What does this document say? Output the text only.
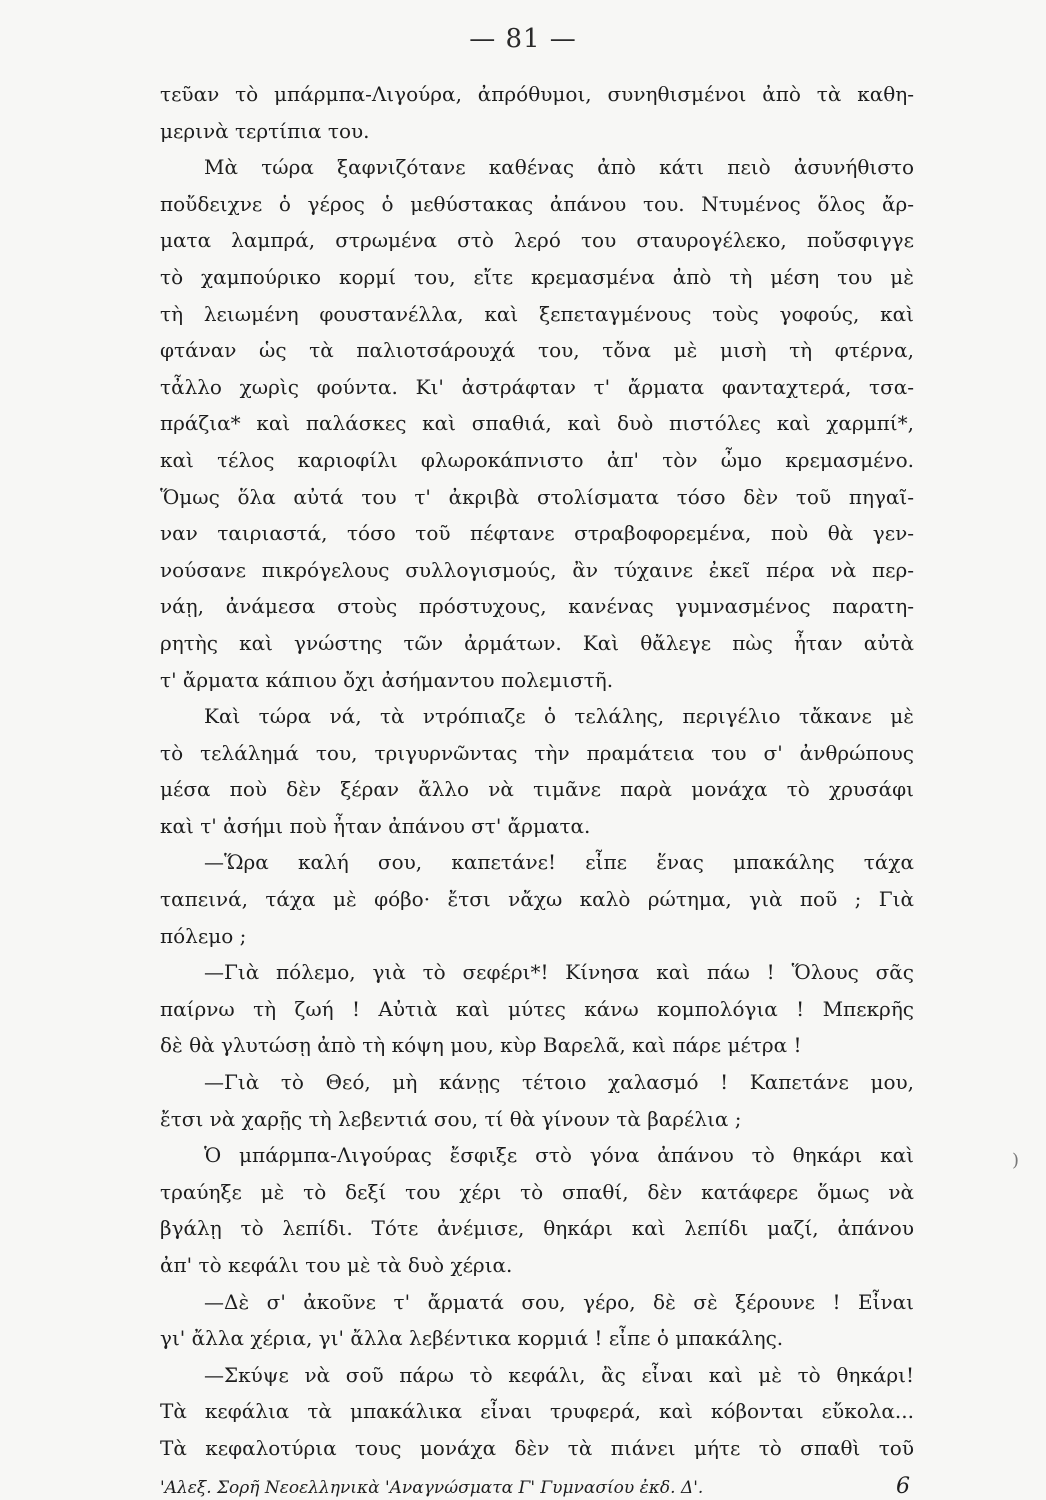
— 81 —
τεῦαν τὸ μπάρμπα-Λιγούρα, ἀπρόθυμοι, συνηθισμένοι ἀπὸ τὰ καθη-
μερινὰ τερτίπια του.
Μὰ τώρα ξαφνιζότανε καθένας ἀπὸ κάτι πειὸ ἀσυνήθιστο
ποὔδειχνε ὁ γέρος ὁ μεθύστακας ἀπάνου του. Ντυμένος ὅλος ἄρ-
ματα λαμπρά, στρωμένα στὸ λερό του σταυρογέλεκο, ποὔσφιγγε
τὸ χαμπούρικο κορμί του, εἴτε κρεμασμένα ἀπὸ τὴ μέση του μὲ
τὴ λειωμένη φουστανέλλα, καὶ ξεπεταγμένους τοὺς γοφούς, καὶ
φτάναν ὡς τὰ παλιοτσάρουχά του, τὄνα μὲ μισὴ τὴ φτέρνα,
τἆλλο χωρὶς φούντα. Κι' ἀστράφταν τ' ἄρματα φανταχτερά, τσα-
πράζια* καὶ παλάσκες καὶ σπαθιά, καὶ δυὸ πιστόλες καὶ χαρμπί*,
καὶ τέλος καριοφίλι φλωροκάπνιστο ἀπ' τὸν ὦμο κρεμασμένο.
Ὅμως ὅλα αὐτά του τ' ἀκριβὰ στολίσματα τόσο δὲν τοῦ πηγαῖ-
ναν ταιριαστά, τόσο τοῦ πέφτανε στραβοφορεμένα, ποὺ θὰ γεν-
νούσανε πικρόγελους συλλογισμούς, ἂν τύχαινε ἐκεῖ πέρα νὰ περ-
νάῃ, ἀνάμεσα στοὺς πρόστυχους, κανένας γυμνασμένος παρατη-
ρητὴς καὶ γνώστης τῶν ἀρμάτων. Καὶ θἄλεγε πὼς ἦταν αὐτὰ
τ' ἄρματα κάπιου ὄχι ἀσήμαντου πολεμιστῆ.
Καὶ τώρα νά, τὰ ντρόπιαζε ὁ τελάλης, περιγέλιο τἄκανε μὲ
τὸ τελάλημά του, τριγυρνῶντας τὴν πραμάτεια του σ' ἀνθρώπους
μέσα ποὺ δὲν ξέραν ἄλλο νὰ τιμᾶνε παρὰ μονάχα τὸ χρυσάφι
καὶ τ' ἀσήμι ποὺ ἦταν ἀπάνου στ' ἄρματα.
—Ὥρα καλή σου, καπετάνε! εἶπε ἕνας μπακάλης τάχα
ταπεινά, τάχα μὲ φόβο· ἔτσι νἄχω καλὸ ρώτημα, γιὰ ποῦ ; Γιὰ
πόλεμο ;
—Γιὰ πόλεμο, γιὰ τὸ σεφέρι*! Κίνησα καὶ πάω ! Ὅλους σᾶς
παίρνω τὴ ζωή ! Αὐτιὰ καὶ μύτες κάνω κομπολόγια ! Μπεκρῆς
δὲ θὰ γλυτώσῃ ἀπὸ τὴ κόψη μου, κὺρ Βαρελᾶ, καὶ πάρε μέτρα !
—Γιὰ τὸ Θεό, μὴ κάνῃς τέτοιο χαλασμό ! Καπετάνε μου,
ἔτσι νὰ χαρῇς τὴ λεβεντιά σου, τί θὰ γίνουν τὰ βαρέλια ;
Ὁ μπάρμπα-Λιγούρας ἔσφιξε στὸ γόνα ἀπάνου τὸ θηκάρι καὶ
τραύηξε μὲ τὸ δεξί του χέρι τὸ σπαθί, δὲν κατάφερε ὅμως νὰ
βγάλῃ τὸ λεπίδι. Τότε ἀνέμισε, θηκάρι καὶ λεπίδι μαζί, ἀπάνου
ἀπ' τὸ κεφάλι του μὲ τὰ δυὸ χέρια.
—Δὲ σ' ἀκοῦνε τ' ἄρματά σου, γέρο, δὲ σὲ ξέρουνε ! Εἶναι
γι' ἄλλα χέρια, γι' ἄλλα λεβέντικα κορμιά ! εἶπε ὁ μπακάλης.
—Σκύψε νὰ σοῦ πάρω τὸ κεφάλι, ἂς εἶναι καὶ μὲ τὸ θηκάρι!
Τὰ κεφάλια τὰ μπακάλικα εἶναι τρυφερά, καὶ κόβονται εὔκολα...
Τὰ κεφαλοτύρια τους μονάχα δὲν τὰ πιάνει μήτε τὸ σπαθὶ τοῦ
)
'Αλεξ. Σορῆ Νεοελληνικὰ 'Αναγνώσματα Γ' Γυμνασίου ἐκδ. Δ'.	6
